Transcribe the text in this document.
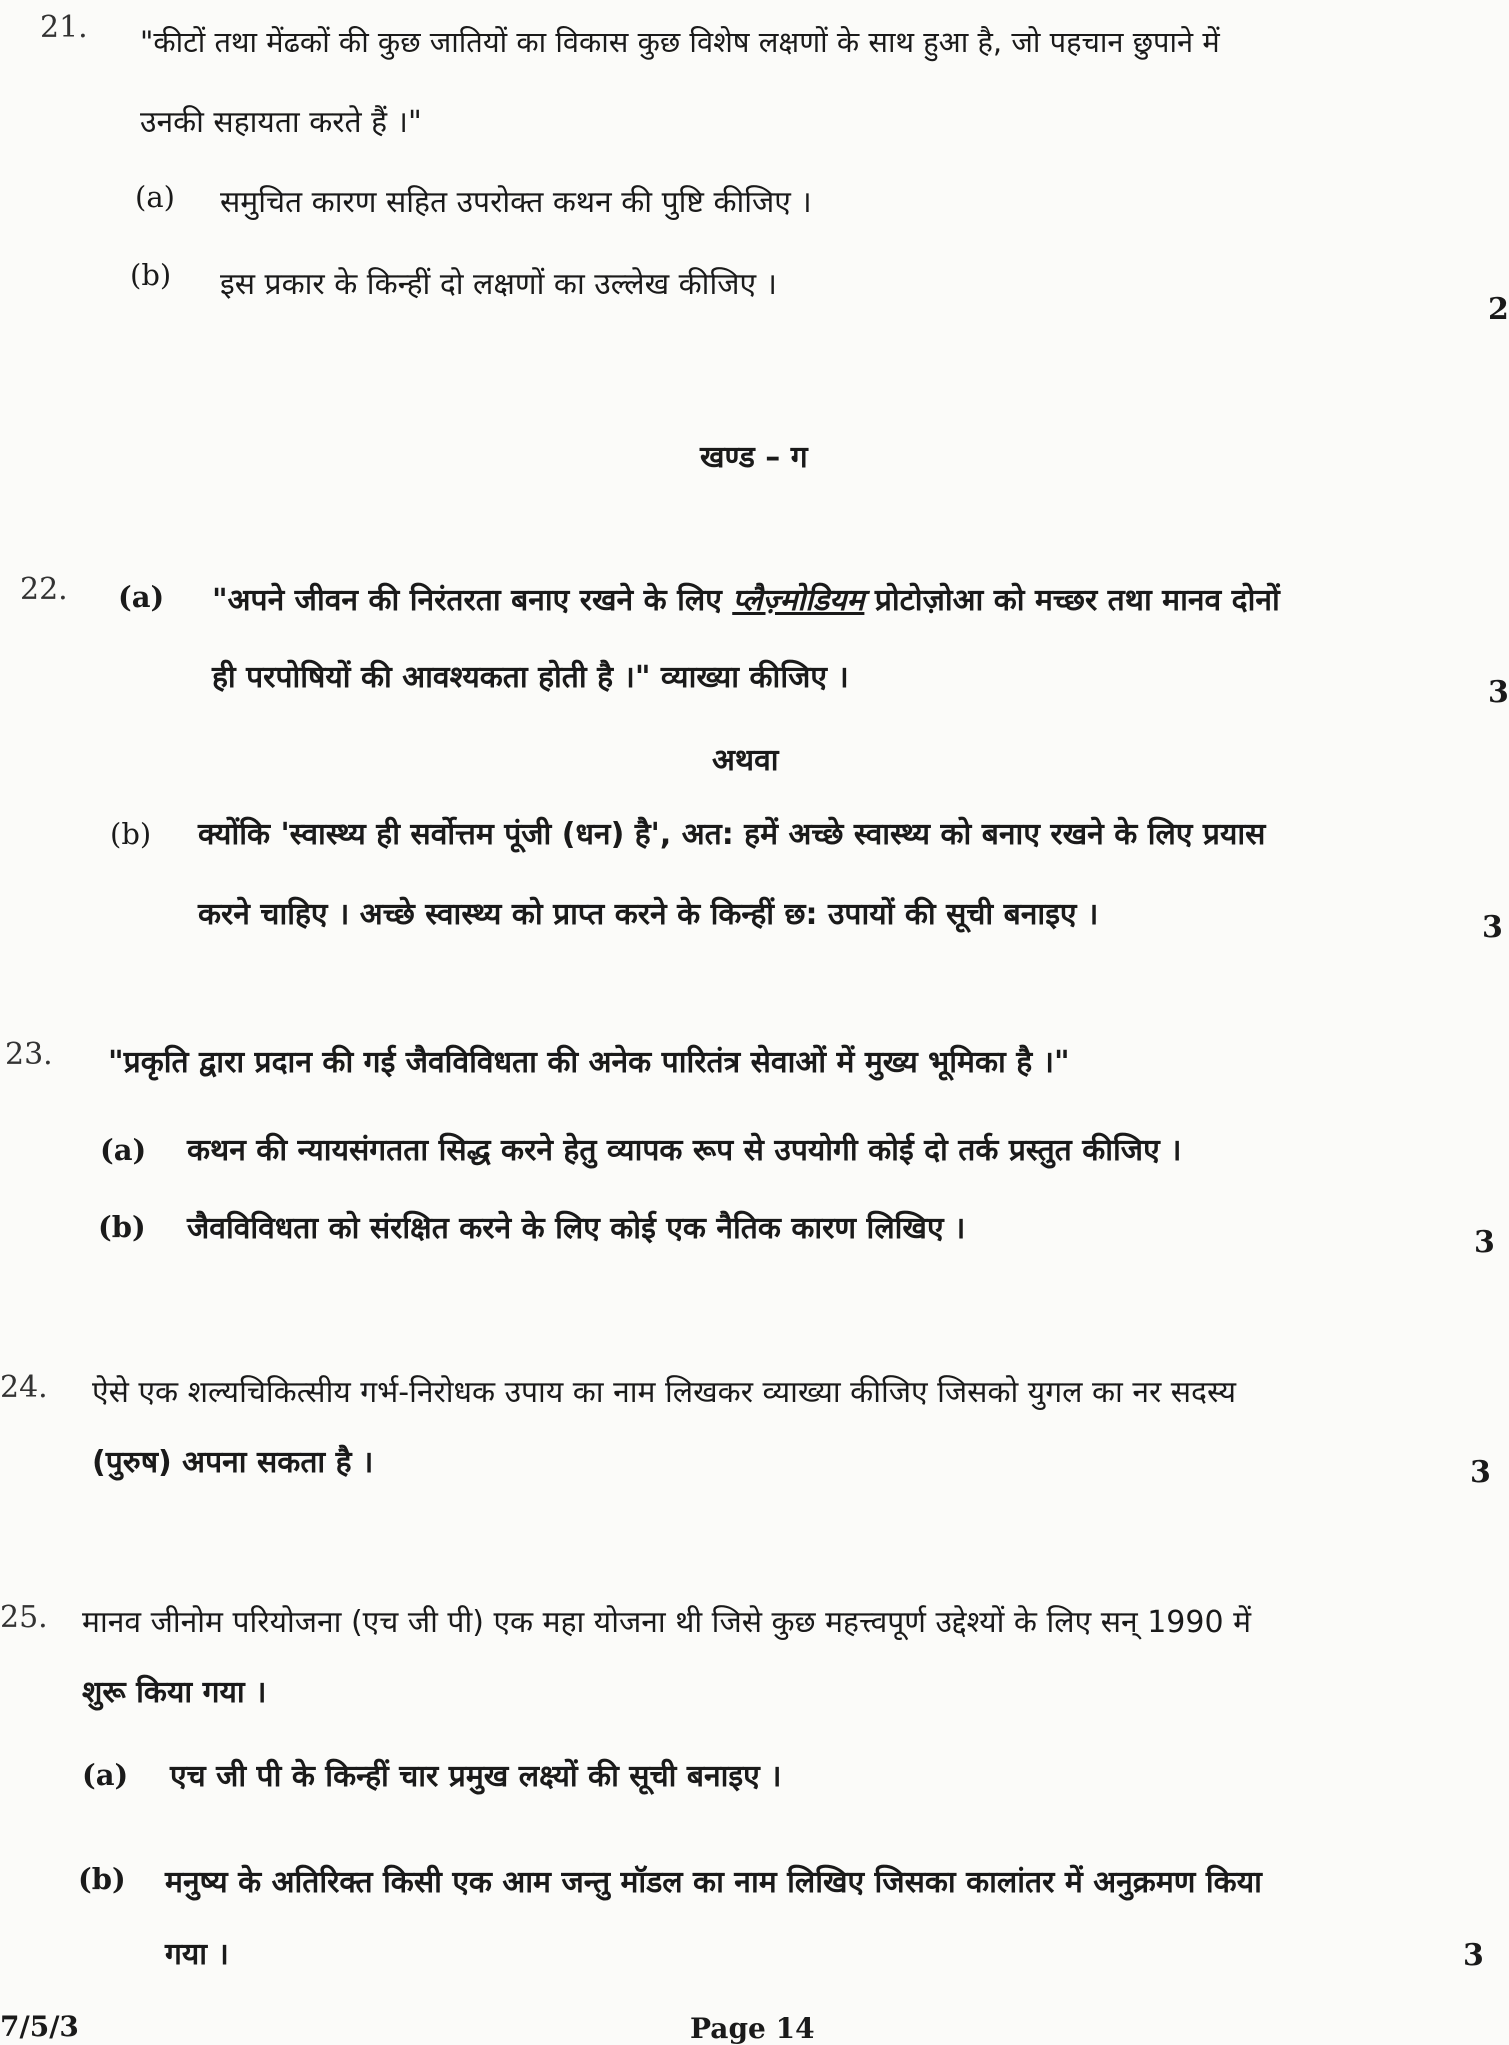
21. "कीटों तथा मेंढकों की कुछ जातियों का विकास कुछ विशेष लक्षणों के साथ हुआ है, जो पहचान छुपाने में
उनकी सहायता करते हैं ।"
(a) समुचित कारण सहित उपरोक्त कथन की पुष्टि कीजिए ।
(b) इस प्रकार के किन्हीं दो लक्षणों का उल्लेख कीजिए ।
2
खण्ड – ग
22. (a) "अपने जीवन की निरंतरता बनाए रखने के लिए प्लैज़्मोडियम प्रोटोज़ोआ को मच्छर तथा मानव दोनों
ही परपोषियों की आवश्यकता होती है ।" व्याख्या कीजिए ।	3
अथवा
(b) क्योंकि 'स्वास्थ्य ही सर्वोत्तम पूंजी (धन) है', अत: हमें अच्छे स्वास्थ्य को बनाए रखने के लिए प्रयास
करने चाहिए । अच्छे स्वास्थ्य को प्राप्त करने के किन्हीं छ: उपायों की सूची बनाइए ।	3
23. "प्रकृति द्वारा प्रदान की गई जैवविविधता की अनेक पारितंत्र सेवाओं में मुख्य भूमिका है ।"
(a) कथन की न्यायसंगतता सिद्ध करने हेतु व्यापक रूप से उपयोगी कोई दो तर्क प्रस्तुत कीजिए ।
(b) जैवविविधता को संरक्षित करने के लिए कोई एक नैतिक कारण लिखिए ।	3
24. ऐसे एक शल्यचिकित्सीय गर्भ-निरोधक उपाय का नाम लिखकर व्याख्या कीजिए जिसको युगल का नर सदस्य
(पुरुष) अपना सकता है ।	3
25. मानव जीनोम परियोजना (एच जी पी) एक महा योजना थी जिसे कुछ महत्त्वपूर्ण उद्देश्यों के लिए सन् 1990 में
शुरू किया गया ।
(a) एच जी पी के किन्हीं चार प्रमुख लक्ष्यों की सूची बनाइए ।
(b) मनुष्य के अतिरिक्त किसी एक आम जन्तु मॉडल का नाम लिखिए जिसका कालांतर में अनुक्रमण किया
गया ।	3
7/5/3	Page 14
